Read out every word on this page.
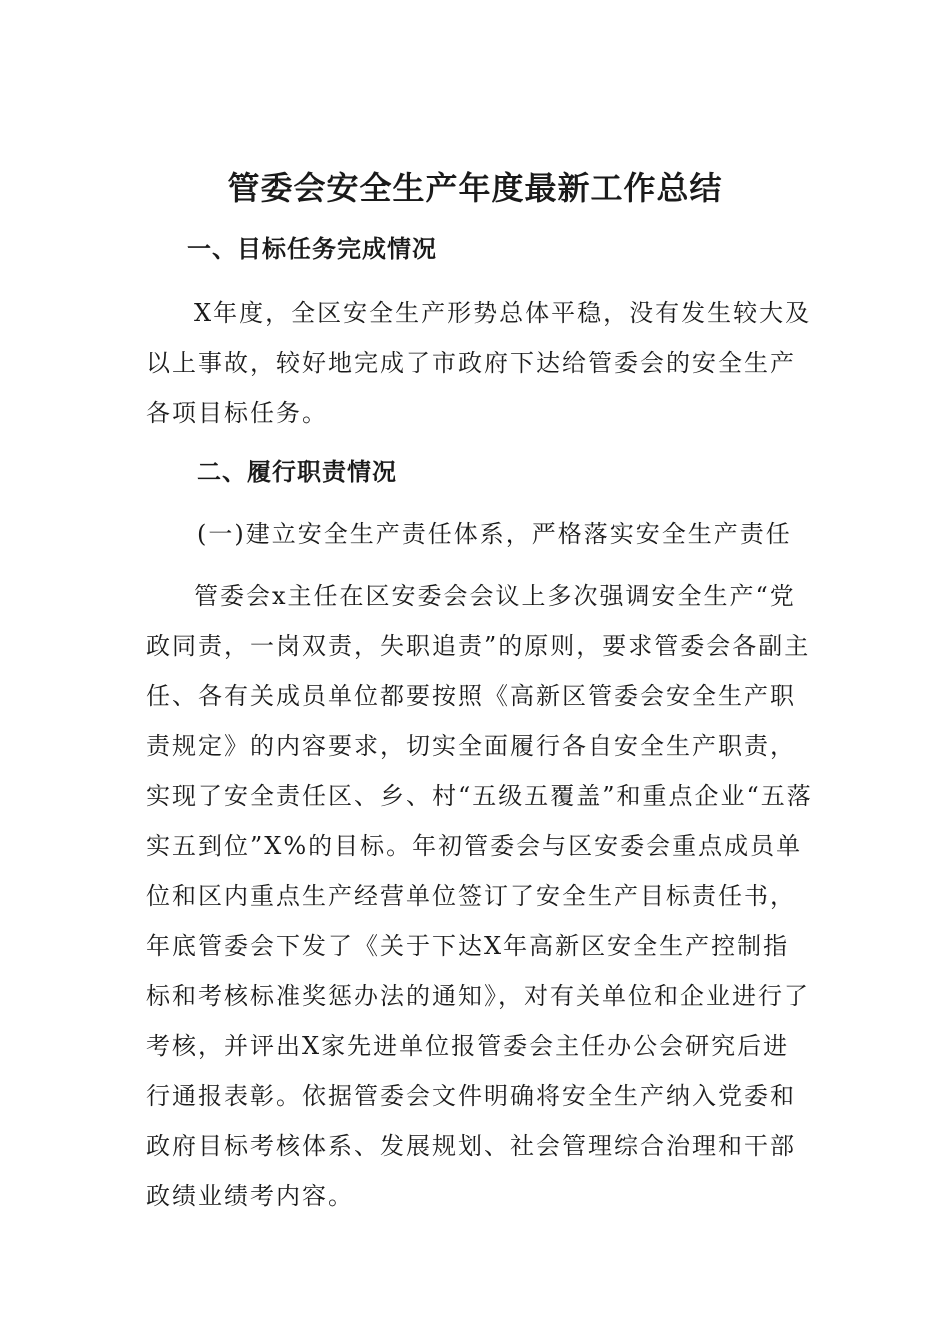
管委会安全生产年度最新工作总结
一、目标任务完成情况
X年度，全区安全生产形势总体平稳，没有发生较大及以上事故，较好地完成了市政府下达给管委会的安全生产各项目标任务。
二、履行职责情况
(一)建立安全生产责任体系，严格落实安全生产责任
管委会x主任在区安委会会议上多次强调安全生产“党政同责，一岗双责，失职追责”的原则，要求管委会各副主任、各有关成员单位都要按照《高新区管委会安全生产职责规定》的内容要求，切实全面履行各自安全生产职责，实现了安全责任区、乡、村“五级五覆盖”和重点企业“五落实五到位”X%的目标。年初管委会与区安委会重点成员单位和区内重点生产经营单位签订了安全生产目标责任书，年底管委会下发了《关于下达X年高新区安全生产控制指标和考核标准奖惩办法的通知》，对有关单位和企业进行了考核，并评出X家先进单位报管委会主任办公会研究后进行通报表彰。依据管委会文件明确将安全生产纳入党委和政府目标考核体系、发展规划、社会管理综合治理和干部政绩业绩考内容。
